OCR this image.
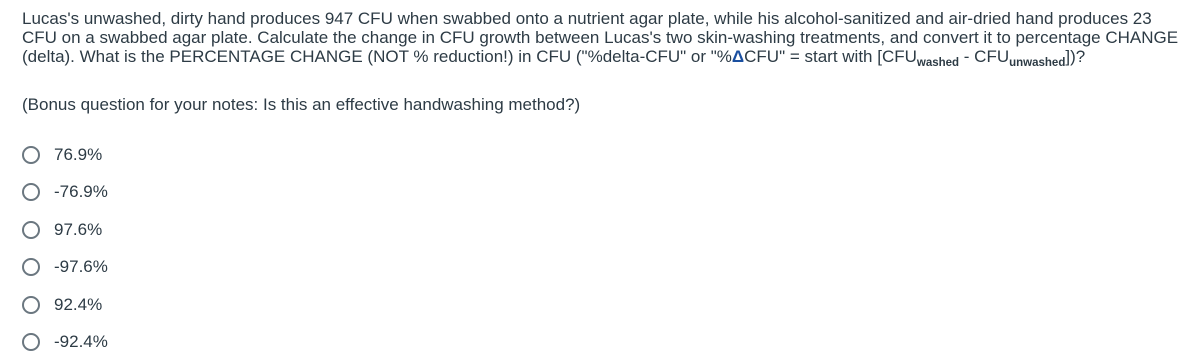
Lucas's unwashed, dirty hand produces 947 CFU when swabbed onto a nutrient agar plate, while his alcohol-sanitized and air-dried hand produces 23 CFU on a swabbed agar plate. Calculate the change in CFU growth between Lucas's two skin-washing treatments, and convert it to percentage CHANGE (delta). What is the PERCENTAGE CHANGE (NOT % reduction!) in CFU ("%delta-CFU" or "%ΔCFU" = start with $[CFU_{washed} - CFU_{unwashed}]$)?

(Bonus question for your notes: Is this an effective handwashing method?)
76.9%
-76.9%
97.6%
-97.6%
92.4%
-92.4%
